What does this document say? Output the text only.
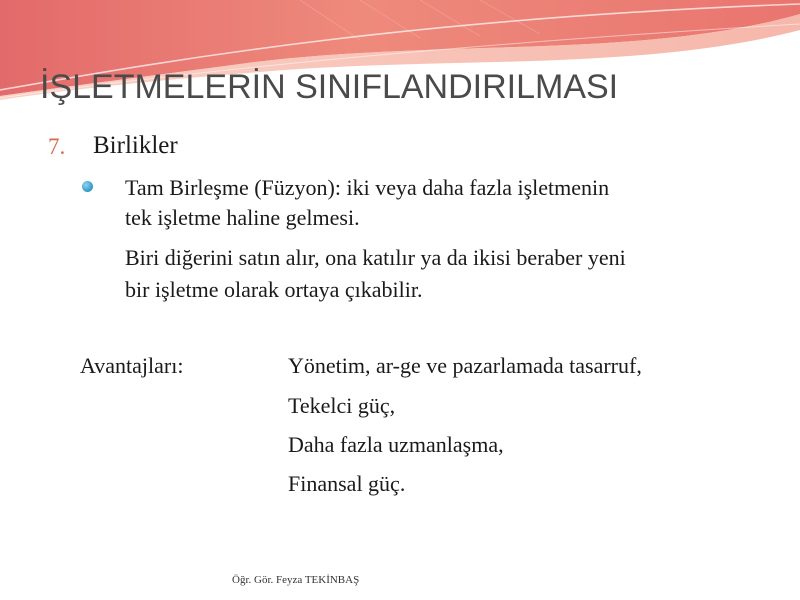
İŞLETMELERİN SINIFLANDIRILMASI
7. Birlikler
Tam Birleşme (Füzyon): iki veya daha fazla işletmenin
tek işletme haline gelmesi.
Biri diğerini satın alır, ona katılır ya da ikisi beraber yeni
bir işletme olarak ortaya çıkabilir.
Avantajları:	Yönetim, ar-ge ve pazarlamada tasarruf,
Tekelci güç,
Daha fazla uzmanlaşma,
Finansal güç.
Öğr. Gör. Feyza TEKİNBAŞ
